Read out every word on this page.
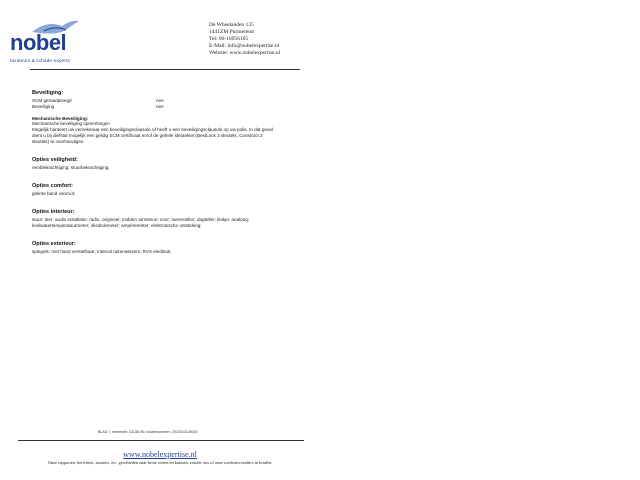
nobel
taxateurs & schade-experts
De Wheelanden 135
1441ZM Purmerend
Tel: 06-16956105
E-Mail: info@nobelexpertise.nl
Website: www.nobelexpertise.nl
Beveiliging:
SCM geraadpleegd	nee
Beveiliging	nee
Mechanische Beveiliging:
Mechanische beveiliging opmerkingen
Mogelijk hanteert uw verzekeraar een beveiligingsclausule of heeft u een beveiligingsclausule op uw polis. In dat geval
dient u bij diefstal mogelijk een geldig SCM certificaat en/of de gehele sleutelset (Bes/Lock 3 sleutels, Construct 2
sleutels) te overhandigen.
Opties veiligheid:
remblekrachtiging; stuurbekrachtiging;
Opties comfort:
getinte band voorruit;
Opties interieur:
stuur: leer; audio installatie: radio, origineel; midden armsteun: voor; toerenteller; dagteller; klokje: analoog;
koelwatertemperatuurmeter; oliedrukmeter; ampèremeter; elektronische ontsteking;
Opties exterieur:
spiegels: met hand verstelbaar; interval ruitenwissers; RVS eindstuk;
BLAD 7, kenteken: OZ-86-90, locatienummer: 2023110128020
www.nobelexpertise.nl
Onze rapporten, berichten, taxaties, etc. geschieden naar beste weten en kunnen, zonder ons of onze medeuitvoerders in binden.
